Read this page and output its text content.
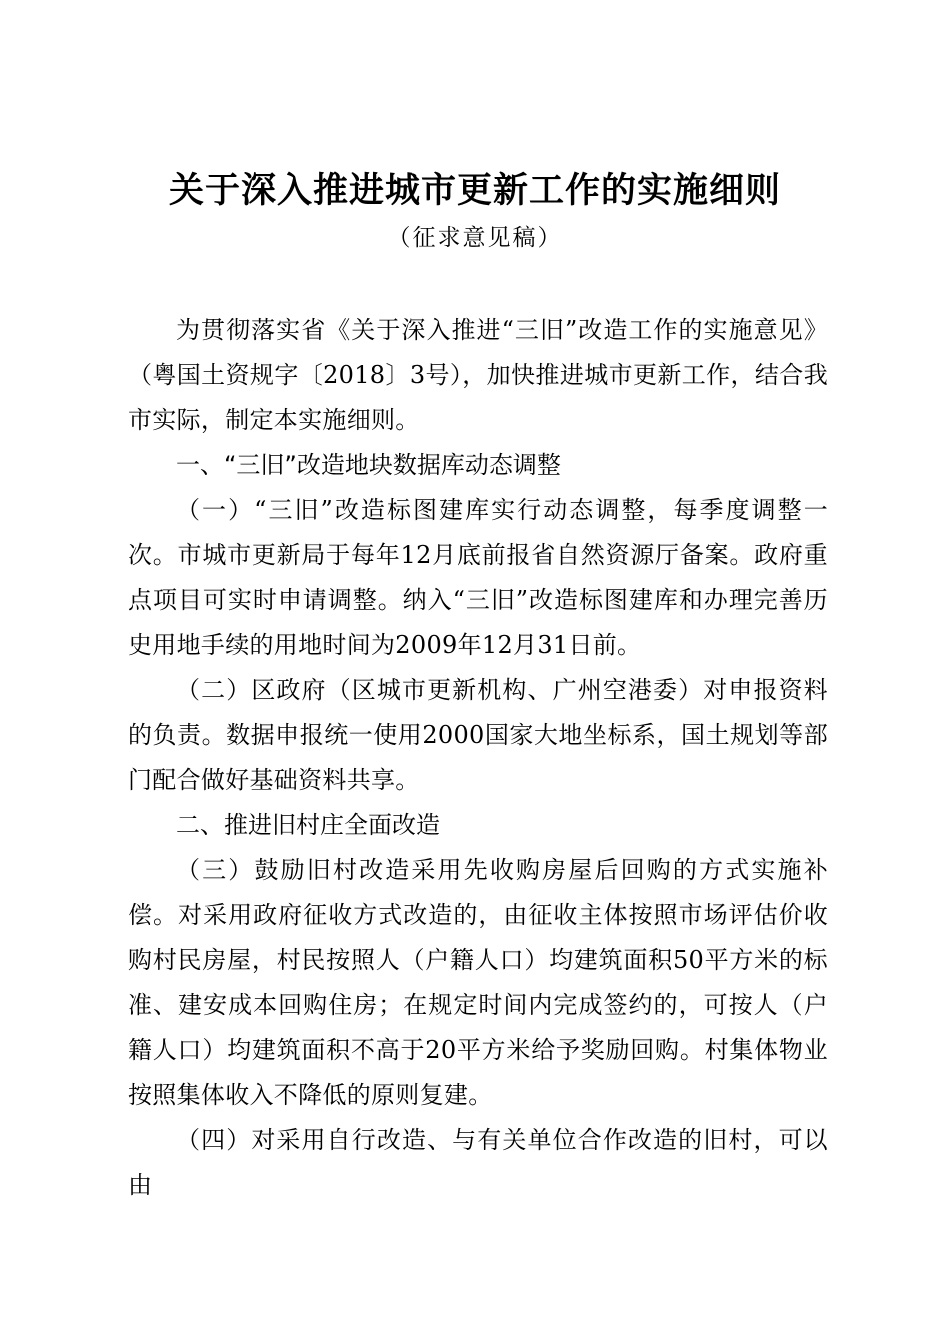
关于深入推进城市更新工作的实施细则
（征求意见稿）

为贯彻落实省《关于深入推进“三旧”改造工作的实施意见》（粤国土资规字〔2018〕3号），加快推进城市更新工作，结合我市实际，制定本实施细则。

一、“三旧”改造地块数据库动态调整

（一）“三旧”改造标图建库实行动态调整，每季度调整一次。市城市更新局于每年12月底前报省自然资源厅备案。政府重点项目可实时申请调整。纳入“三旧”改造标图建库和办理完善历史用地手续的用地时间为2009年12月31日前。

（二）区政府（区城市更新机构、广州空港委）对申报资料的负责。数据申报统一使用2000国家大地坐标系，国土规划等部门配合做好基础资料共享。

二、推进旧村庄全面改造

（三）鼓励旧村改造采用先收购房屋后回购的方式实施补偿。对采用政府征收方式改造的，由征收主体按照市场评估价收购村民房屋，村民按照人（户籍人口）均建筑面积50平方米的标准、建安成本回购住房；在规定时间内完成签约的，可按人（户籍人口）均建筑面积不高于20平方米给予奖励回购。村集体物业按照集体收入不降低的原则复建。

（四）对采用自行改造、与有关单位合作改造的旧村，可以由
